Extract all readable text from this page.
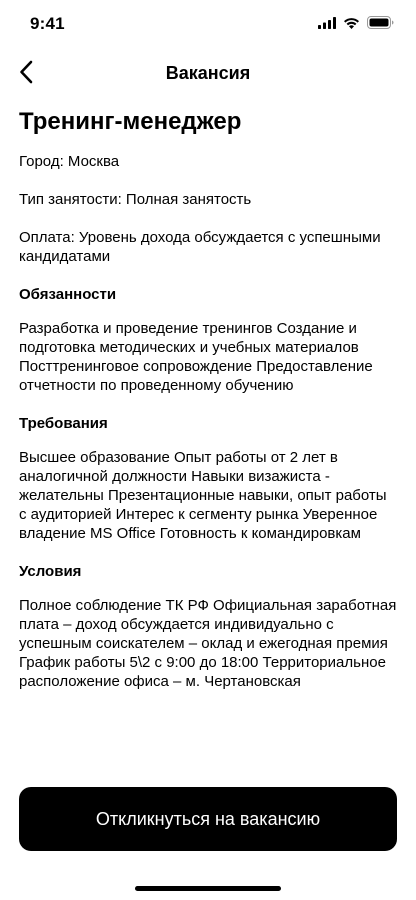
9:41
Вакансия
Тренинг-менеджер

Город: Москва

Тип занятости: Полная занятость

Оплата: Уровень дохода обсуждается с успешными кандидатами

Обязанности

Разработка и проведение тренингов Создание и подготовка методических и учебных материалов Посттренинговое сопровождение Предоставление отчетности по проведенному обучению

Требования

Высшее образование Опыт работы от 2 лет в аналогичной должности Навыки визажиста - желательны Презентационные навыки, опыт работы с аудиторией Интерес к сегменту рынка Уверенное владение MS Office Готовность к командировкам

Условия

Полное соблюдение ТК РФ Официальная заработная плата – доход обсуждается индивидуально с успешным соискателем – оклад и ежегодная премия График работы 5\2 с 9:00 до 18:00 Территориальное расположение офиса – м. Чертановская

Откликнуться на вакансию
